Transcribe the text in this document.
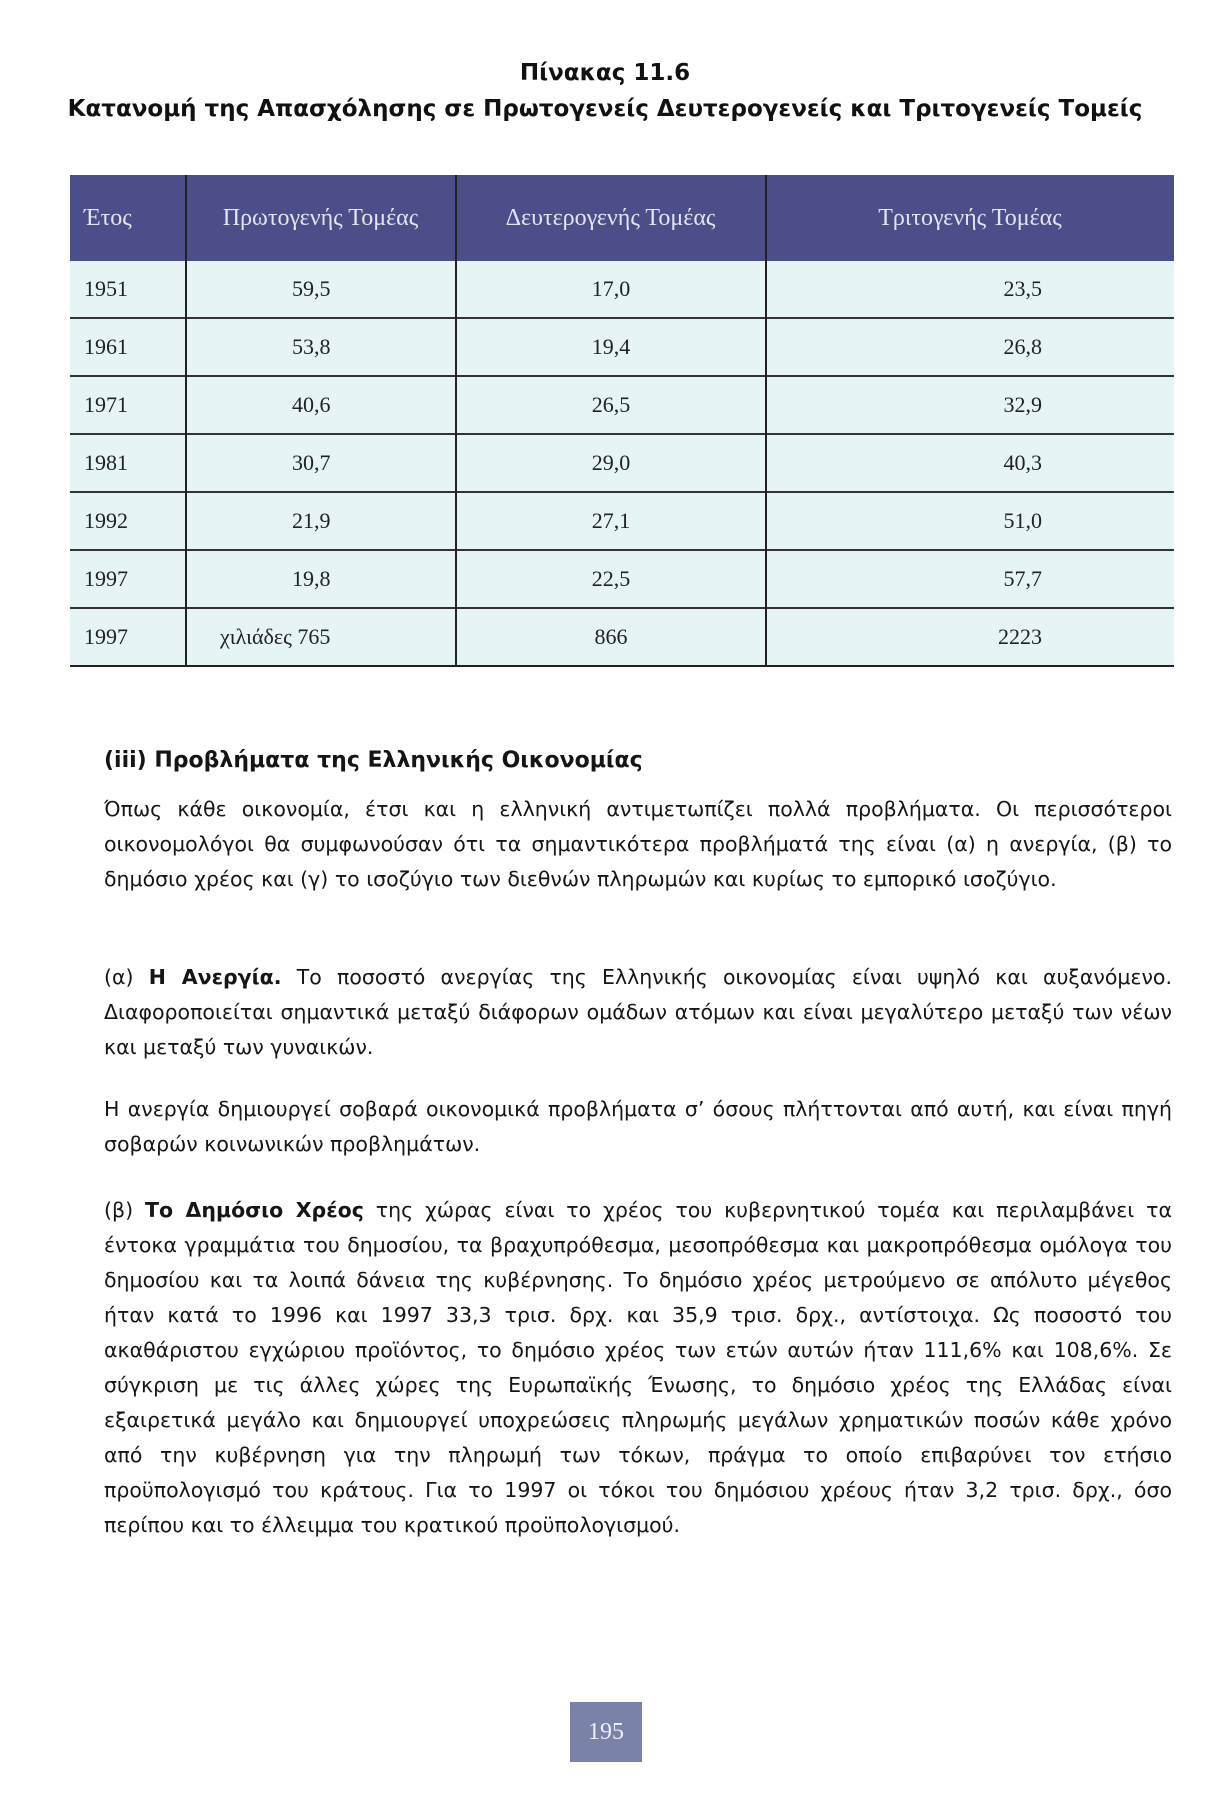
Πίνακας 11.6
Κατανομή της Απασχόλησης σε Πρωτογενείς Δευτερογενείς και Τριτογενείς Τομείς
Έτος	Πρωτογενής Τομέας	Δευτερογενής Τομέας	Τριτογενής Τομέας
1951	59,5	17,0	23,5
1961	53,8	19,4	26,8
1971	40,6	26,5	32,9
1981	30,7	29,0	40,3
1992	21,9	27,1	51,0
1997	19,8	22,5	57,7
1997	χιλιάδες 765	866	2223
(iii) Προβλήματα της Ελληνικής Οικονομίας
Όπως κάθε οικονομία, έτσι και η ελληνική αντιμετωπίζει πολλά προβλήματα. Οι περισσότεροι οικονομολόγοι θα συμφωνούσαν ότι τα σημαντικότερα προβλήματά της είναι (α) η ανεργία, (β) το δημόσιο χρέος και (γ) το ισοζύγιο των διεθνών πληρωμών και κυρίως το εμπορικό ισοζύγιο.
(α) Η Ανεργία. Το ποσοστό ανεργίας της Ελληνικής οικονομίας είναι υψηλό και αυξανόμενο. Διαφοροποιείται σημαντικά μεταξύ διάφορων ομάδων ατόμων και είναι μεγαλύτερο μεταξύ των νέων και μεταξύ των γυναικών.
Η ανεργία δημιουργεί σοβαρά οικονομικά προβλήματα σ’ όσους πλήττονται από αυτή, και είναι πηγή σοβαρών κοινωνικών προβλημάτων.
(β) Το Δημόσιο Χρέος της χώρας είναι το χρέος του κυβερνητικού τομέα και περιλαμβάνει τα έντοκα γραμμάτια του δημοσίου, τα βραχυπρόθεσμα, μεσοπρόθεσμα και μακροπρόθεσμα ομόλογα του δημοσίου και τα λοιπά δάνεια της κυβέρνησης. Το δημόσιο χρέος μετρούμενο σε απόλυτο μέγεθος ήταν κατά το 1996 και 1997 33,3 τρισ. δρχ. και 35,9 τρισ. δρχ., αντίστοιχα. Ως ποσοστό του ακαθάριστου εγχώριου προϊόντος, το δημόσιο χρέος των ετών αυτών ήταν 111,6% και 108,6%. Σε σύγκριση με τις άλλες χώρες της Ευρωπαϊκής Ένωσης, το δημόσιο χρέος της Ελλάδας είναι εξαιρετικά μεγάλο και δημιουργεί υποχρεώσεις πληρωμής μεγάλων χρηματικών ποσών κάθε χρόνο από την κυβέρνηση για την πληρωμή των τόκων, πράγμα το οποίο επιβαρύνει τον ετήσιο προϋπολογισμό του κράτους. Για το 1997 οι τόκοι του δημόσιου χρέους ήταν 3,2 τρισ. δρχ., όσο περίπου και το έλλειμμα του κρατικού προϋπολογισμού.
195
